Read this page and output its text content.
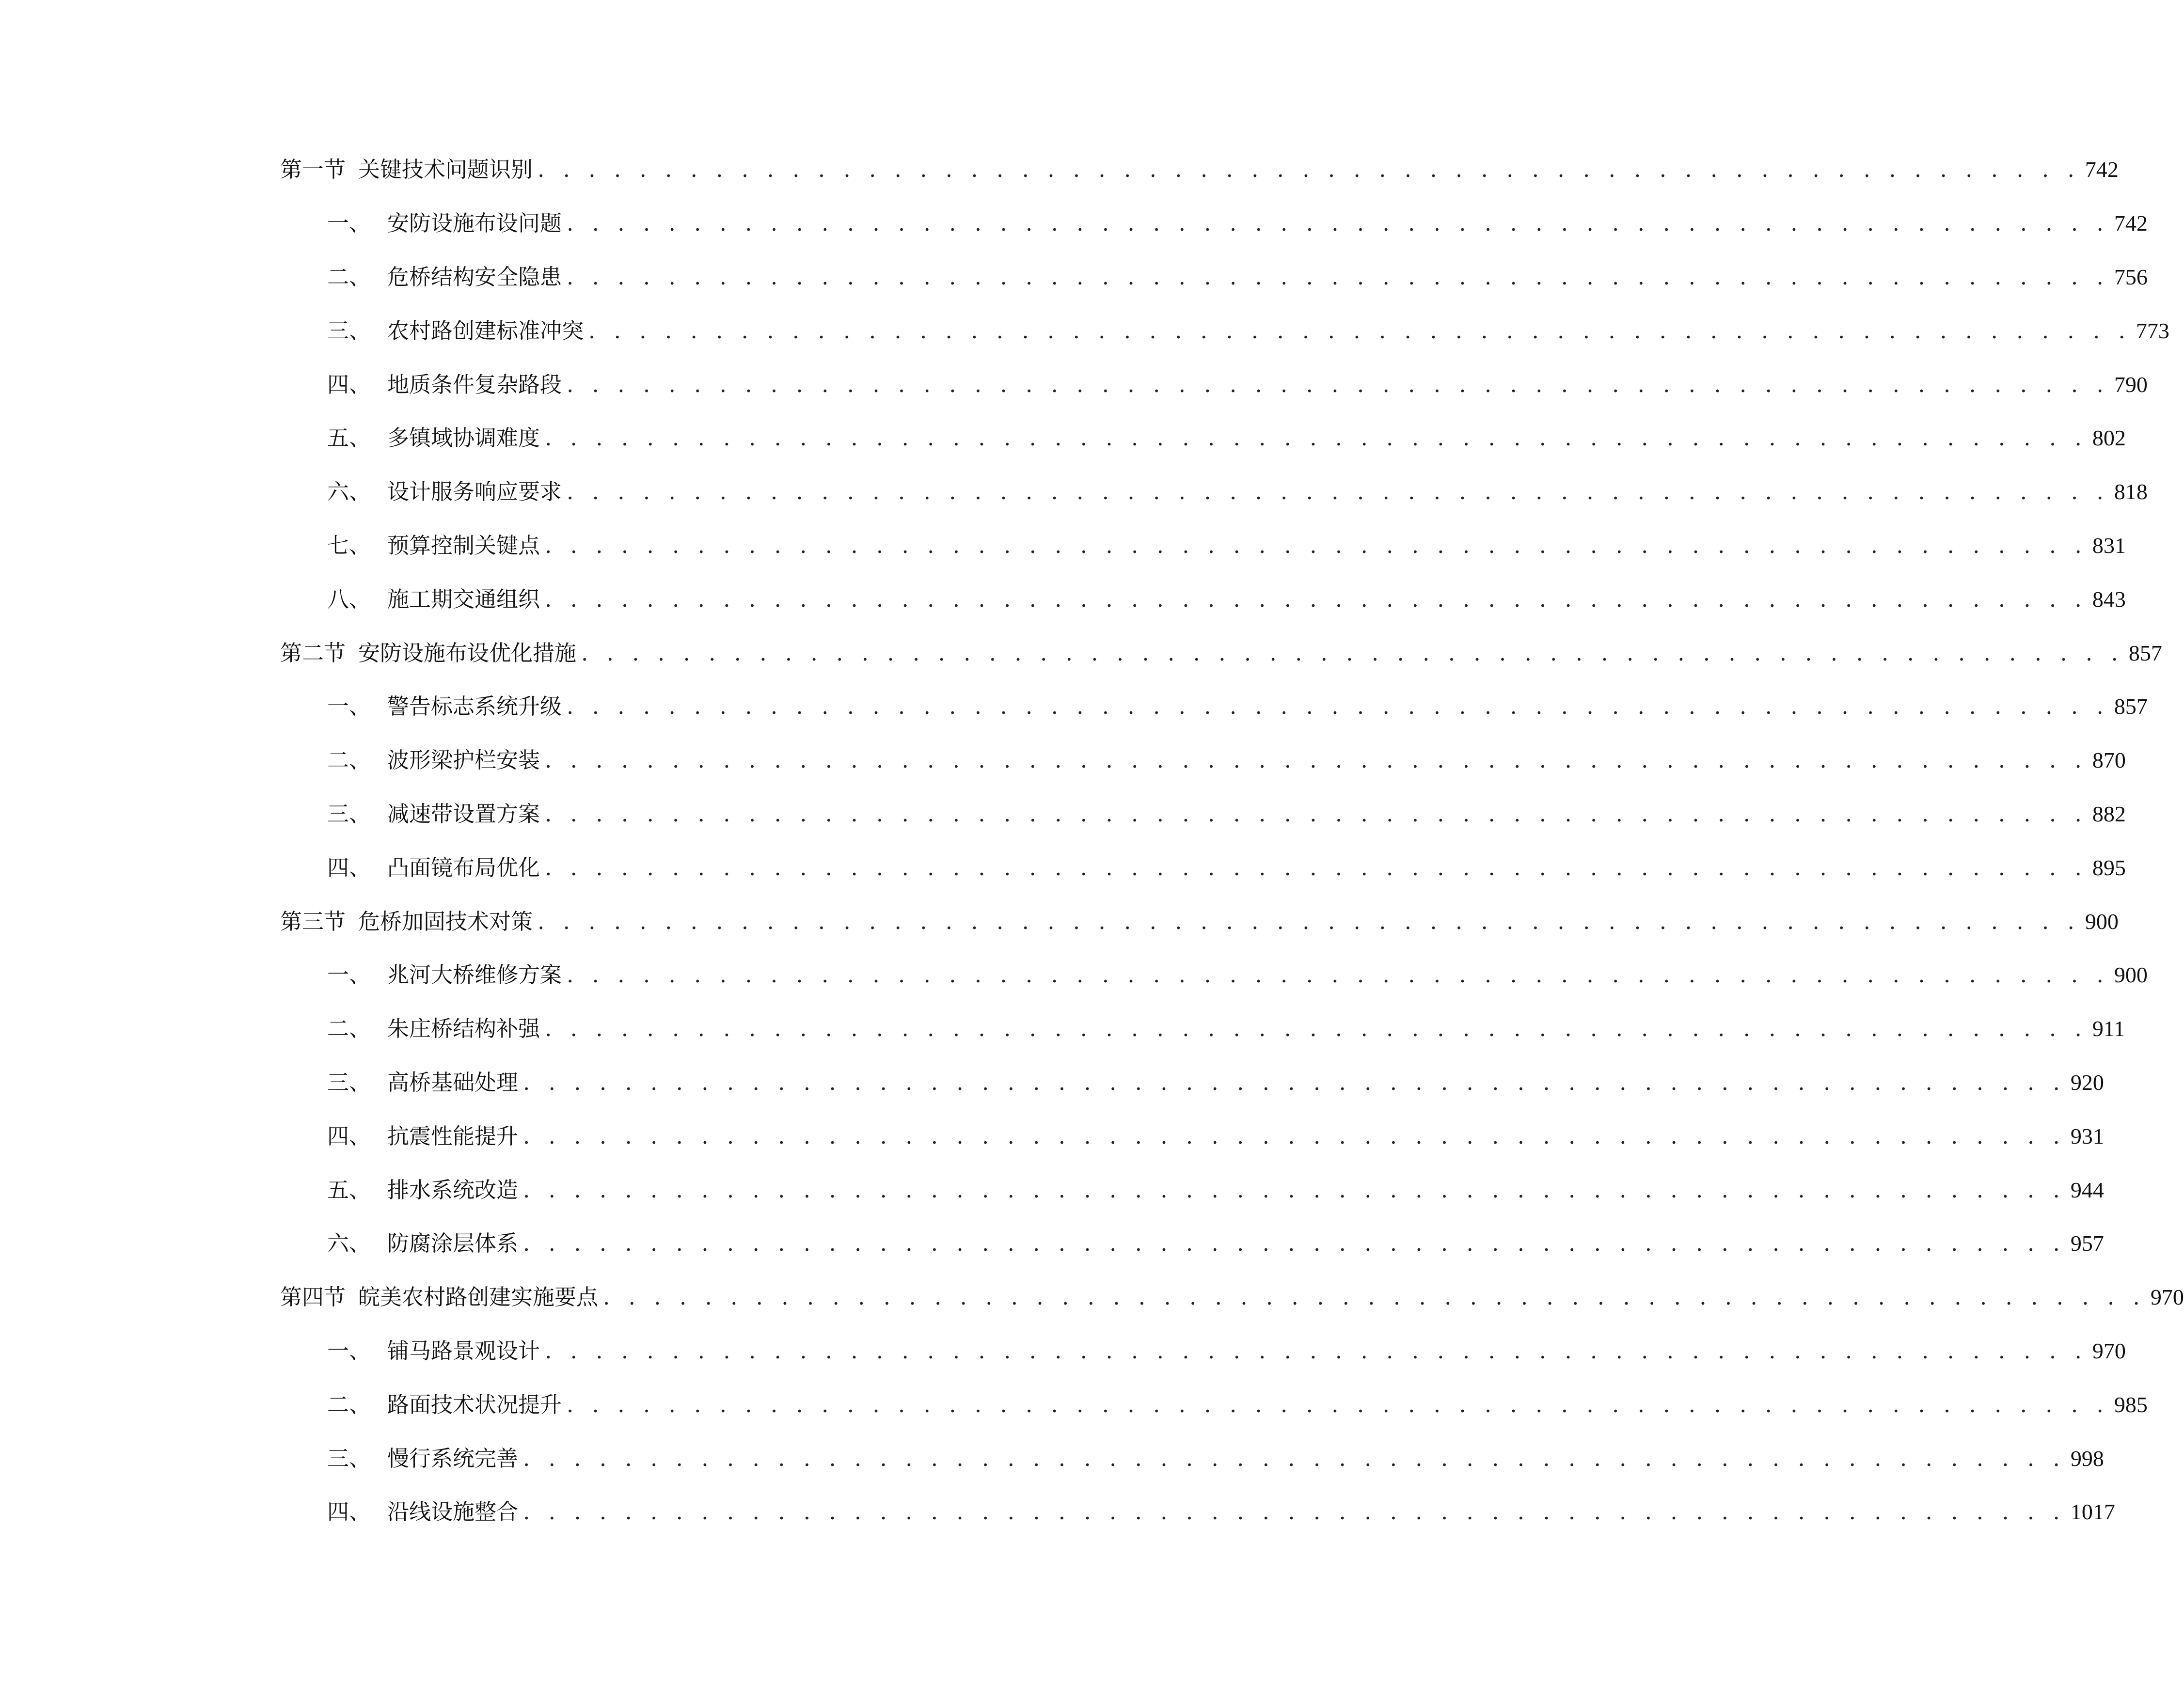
第一节 关键技术问题识别 . . . . . . . . . . . . . . . . . . . . . . . . . . . . . . . . . . . . . . . . . . . . . . . . . . . . . . . . . . . . . 742
一、 安防设施布设问题 . . . . . . . . . . . . . . . . . . . . . . . . . . . . . . . . . . . . . . . . . . . . . . . . . . . . . . . . . . . . . 742
二、 危桥结构安全隐患 . . . . . . . . . . . . . . . . . . . . . . . . . . . . . . . . . . . . . . . . . . . . . . . . . . . . . . . . . . . . . 756
三、 农村路创建标准冲突 . . . . . . . . . . . . . . . . . . . . . . . . . . . . . . . . . . . . . . . . . . . . . . . . . . . . . . . . . . . . . 773
四、 地质条件复杂路段 . . . . . . . . . . . . . . . . . . . . . . . . . . . . . . . . . . . . . . . . . . . . . . . . . . . . . . . . . . . . . 790
五、 多镇域协调难度 . . . . . . . . . . . . . . . . . . . . . . . . . . . . . . . . . . . . . . . . . . . . . . . . . . . . . . . . . . . . . 802
六、 设计服务响应要求 . . . . . . . . . . . . . . . . . . . . . . . . . . . . . . . . . . . . . . . . . . . . . . . . . . . . . . . . . . . . . 818
七、 预算控制关键点 . . . . . . . . . . . . . . . . . . . . . . . . . . . . . . . . . . . . . . . . . . . . . . . . . . . . . . . . . . . . . 831
八、 施工期交通组织 . . . . . . . . . . . . . . . . . . . . . . . . . . . . . . . . . . . . . . . . . . . . . . . . . . . . . . . . . . . . . 843
第二节 安防设施布设优化措施 . . . . . . . . . . . . . . . . . . . . . . . . . . . . . . . . . . . . . . . . . . . . . . . . . . . . . . . . . . . . . 857
一、 警告标志系统升级 . . . . . . . . . . . . . . . . . . . . . . . . . . . . . . . . . . . . . . . . . . . . . . . . . . . . . . . . . . . . . 857
二、 波形梁护栏安装 . . . . . . . . . . . . . . . . . . . . . . . . . . . . . . . . . . . . . . . . . . . . . . . . . . . . . . . . . . . . . 870
三、 减速带设置方案 . . . . . . . . . . . . . . . . . . . . . . . . . . . . . . . . . . . . . . . . . . . . . . . . . . . . . . . . . . . . . 882
四、 凸面镜布局优化 . . . . . . . . . . . . . . . . . . . . . . . . . . . . . . . . . . . . . . . . . . . . . . . . . . . . . . . . . . . . . 895
第三节 危桥加固技术对策 . . . . . . . . . . . . . . . . . . . . . . . . . . . . . . . . . . . . . . . . . . . . . . . . . . . . . . . . . . . . . 900
一、 兆河大桥维修方案 . . . . . . . . . . . . . . . . . . . . . . . . . . . . . . . . . . . . . . . . . . . . . . . . . . . . . . . . . . . . . 900
二、 朱庄桥结构补强 . . . . . . . . . . . . . . . . . . . . . . . . . . . . . . . . . . . . . . . . . . . . . . . . . . . . . . . . . . . . . 911
三、 高桥基础处理 . . . . . . . . . . . . . . . . . . . . . . . . . . . . . . . . . . . . . . . . . . . . . . . . . . . . . . . . . . . . . 920
四、 抗震性能提升 . . . . . . . . . . . . . . . . . . . . . . . . . . . . . . . . . . . . . . . . . . . . . . . . . . . . . . . . . . . . . 931
五、 排水系统改造 . . . . . . . . . . . . . . . . . . . . . . . . . . . . . . . . . . . . . . . . . . . . . . . . . . . . . . . . . . . . . 944
六、 防腐涂层体系 . . . . . . . . . . . . . . . . . . . . . . . . . . . . . . . . . . . . . . . . . . . . . . . . . . . . . . . . . . . . . 957
第四节 皖美农村路创建实施要点 . . . . . . . . . . . . . . . . . . . . . . . . . . . . . . . . . . . . . . . . . . . . . . . . . . . . . . . . . . . . . 970
一、 铺马路景观设计 . . . . . . . . . . . . . . . . . . . . . . . . . . . . . . . . . . . . . . . . . . . . . . . . . . . . . . . . . . . . . 970
二、 路面技术状况提升 . . . . . . . . . . . . . . . . . . . . . . . . . . . . . . . . . . . . . . . . . . . . . . . . . . . . . . . . . . . . . 985
三、 慢行系统完善 . . . . . . . . . . . . . . . . . . . . . . . . . . . . . . . . . . . . . . . . . . . . . . . . . . . . . . . . . . . . . 998
四、 沿线设施整合 . . . . . . . . . . . . . . . . . . . . . . . . . . . . . . . . . . . . . . . . . . . . . . . . . . . . . . . . . . . . . 1017
